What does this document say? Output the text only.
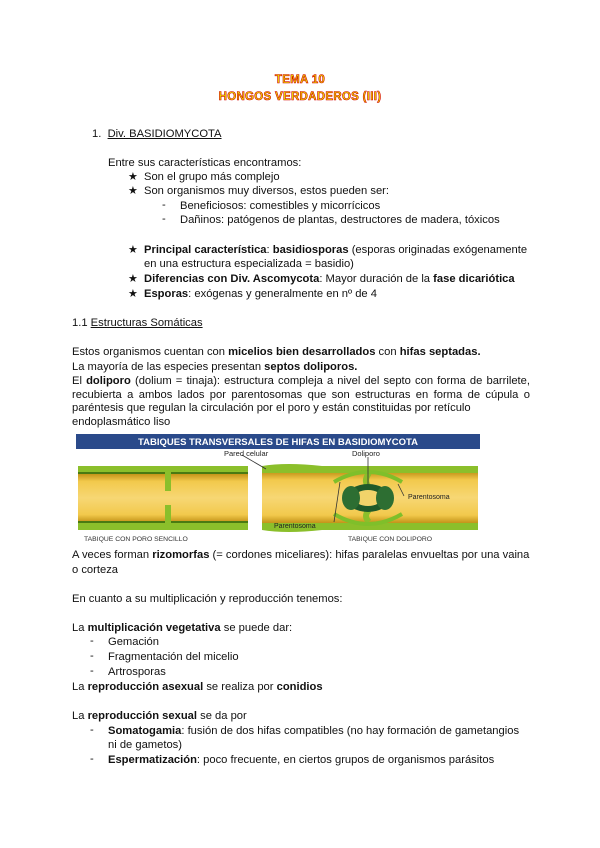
TEMA 10
HONGOS VERDADEROS (III)
1. Div. BASIDIOMYCOTA
Entre sus características encontramos:
★ Son el grupo más complejo
★ Son organismos muy diversos, estos pueden ser:
- Beneficiosos: comestibles y micorrícicos
- Dañinos: patógenos de plantas, destructores de madera, tóxicos
★ Principal característica: basidiosporas (esporas originadas exógenamente
en una estructura especializada = basidio)
★ Diferencias con Div. Ascomycota: Mayor duración de la fase dicariótica
★ Esporas: exógenas y generalmente en nº de 4
1.1 Estructuras Somáticas
Estos organismos cuentan con micelios bien desarrollados con hifas septadas.
La mayoría de las especies presentan septos doliporos.
El doliporo (dolium = tinaja): estructura compleja a nivel del septo con forma de barrilete, recubierta a ambos lados por parentosomas que son estructuras en forma de cúpula o paréntesis que regulan la circulación por el poro y están constituidas por retículo
endoplasmático liso
TABIQUES TRANSVERSALES DE HIFAS EN BASIDIOMYCOTA
Pared celular	Doliporo
Parentosoma
Parentosoma
TABIQUE CON PORO SENCILLO	TABIQUE CON DOLIPORO
A veces forman rizomorfas (= cordones miceliares): hifas paralelas envueltas por una vaina
o corteza
En cuanto a su multiplicación y reproducción tenemos:
La multiplicación vegetativa se puede dar:
- Gemación
- Fragmentación del micelio
- Artrosporas
La reproducción asexual se realiza por conidios
La reproducción sexual se da por
- Somatogamia: fusión de dos hifas compatibles (no hay formación de gametangios
ni de gametos)
- Espermatización: poco frecuente, en ciertos grupos de organismos parásitos
